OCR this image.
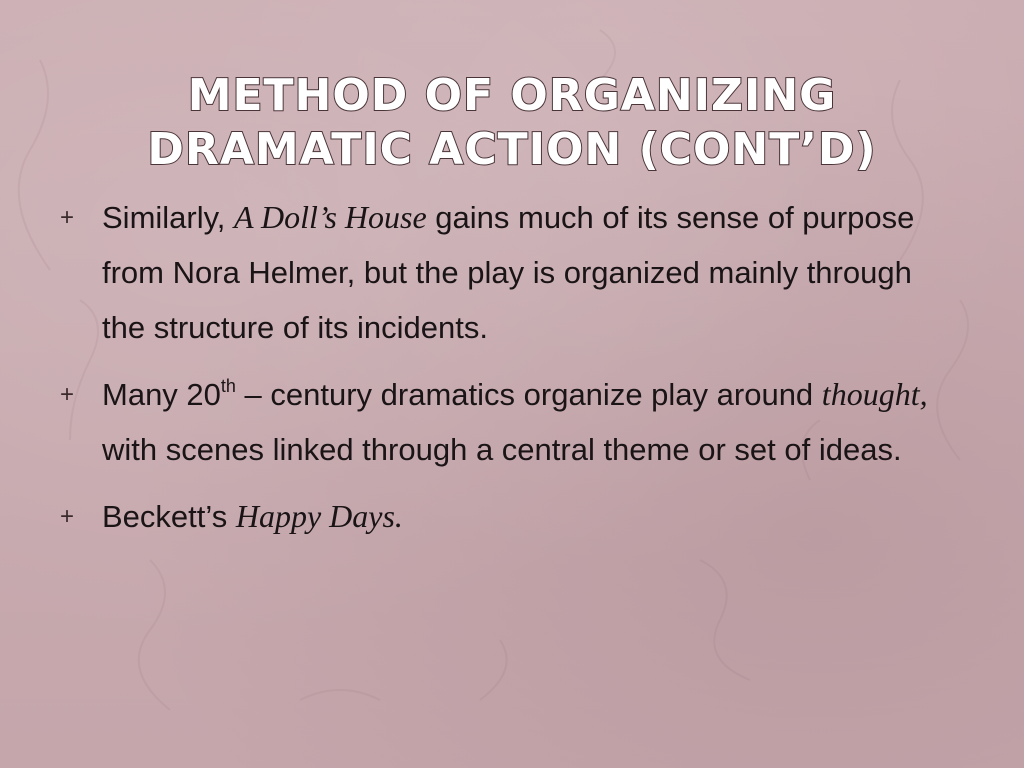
METHOD OF ORGANIZING
DRAMATIC ACTION (CONT’D)
+ Similarly, A Doll’s House gains much of its sense of purpose from Nora Helmer, but the play is organized mainly through the structure of its incidents.
+ Many 20th – century dramatics organize play around thought, with scenes linked through a central theme or set of ideas.
+ Beckett’s Happy Days.
